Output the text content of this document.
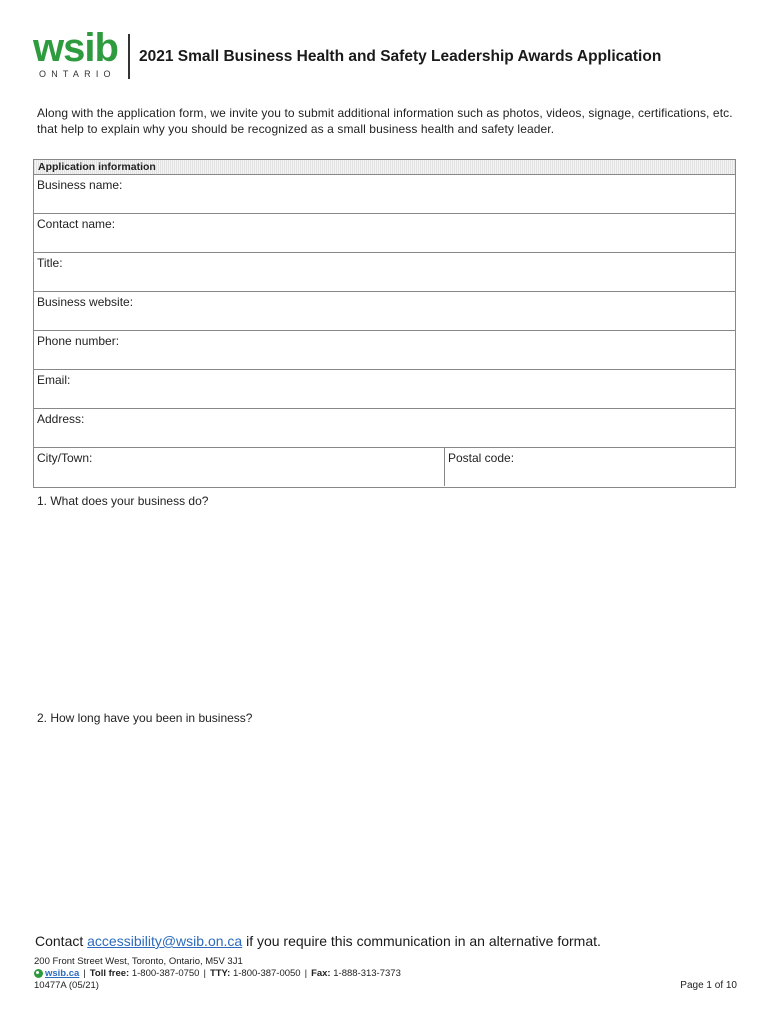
wsib
ONTARIO
2021 Small Business Health and Safety Leadership Awards Application

Along with the application form, we invite you to submit additional information such as photos, videos, signage, certifications, etc. that help to explain why you should be recognized as a small business health and safety leader.

Application information
Business name:
Contact name:
Title:
Business website:
Phone number:
Email:
Address:
City/Town:	Postal code:
1. What does your business do?
2. How long have you been in business?
Contact accessibility@wsib.on.ca if you require this communication in an alternative format.
200 Front Street West, Toronto, Ontario, M5V 3J1
wsib.ca | Toll free:
1-800-387-0750 | TTY:
1-800-387-0050 | Fax:
1-888-313-7373
10477A (05/21)	Page 1 of 10
